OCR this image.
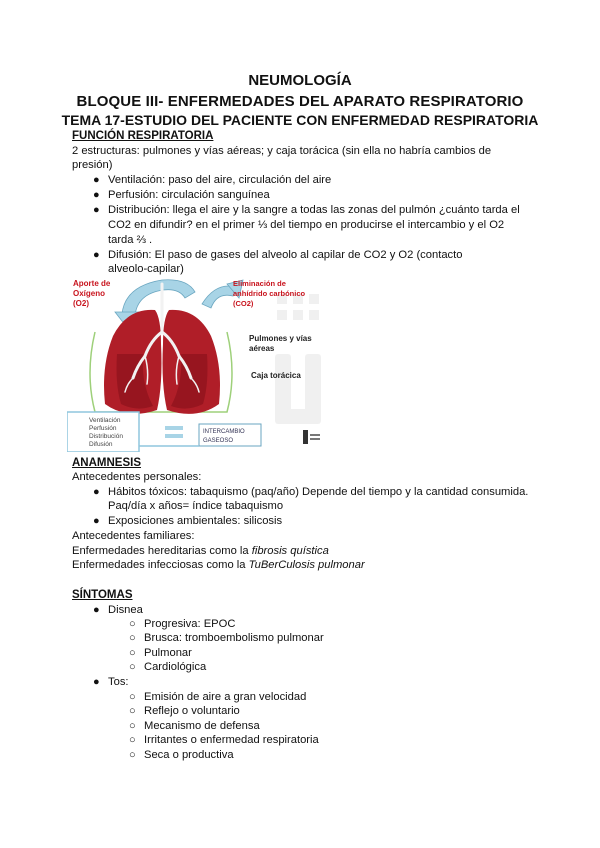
NEUMOLOGÍA
BLOQUE III- ENFERMEDADES DEL APARATO RESPIRATORIO
TEMA 17-ESTUDIO DEL PACIENTE CON ENFERMEDAD RESPIRATORIA
FUNCIÓN RESPIRATORIA
2 estructuras: pulmones y vías aéreas; y caja torácica (sin ella no habría cambios de
presión)
● Ventilación: paso del aire, circulación del aire
● Perfusión: circulación sanguínea
● Distribución: llega el aire y la sangre a todas las zonas del pulmón ¿cuánto tarda el
CO2 en difundir? en el primer ⅓ del tiempo en producirse el intercambio y el O2
tarda ⅔ .
● Difusión: El paso de gases del alveolo al capilar de CO2 y O2 (contacto
alveolo-capilar)
Aporte de
Oxígeno
(O2)
Eliminación de
anhídrido carbónico
(CO2)
Pulmones y vías
aéreas
Caja torácica
Ventilación
Perfusión
Distribución
Difusión
INTERCAMBIO
GASEOSO
ANAMNESIS
Antecedentes personales:
● Hábitos tóxicos: tabaquismo (paq/año) Depende del tiempo y la cantidad consumida.
Paq/día x años= índice tabaquismo
● Exposiciones ambientales: silicosis
Antecedentes familiares:
Enfermedades hereditarias como la fibrosis quística
Enfermedades infecciosas como la TuBerCulosis pulmonar
SÍNTOMAS
● Disnea
○ Progresiva: EPOC
○ Brusca: tromboembolismo pulmonar
○ Pulmonar
○ Cardiológica
● Tos:
○ Emisión de aire a gran velocidad
○ Reflejo o voluntario
○ Mecanismo de defensa
○ Irritantes o enfermedad respiratoria
○ Seca o productiva
